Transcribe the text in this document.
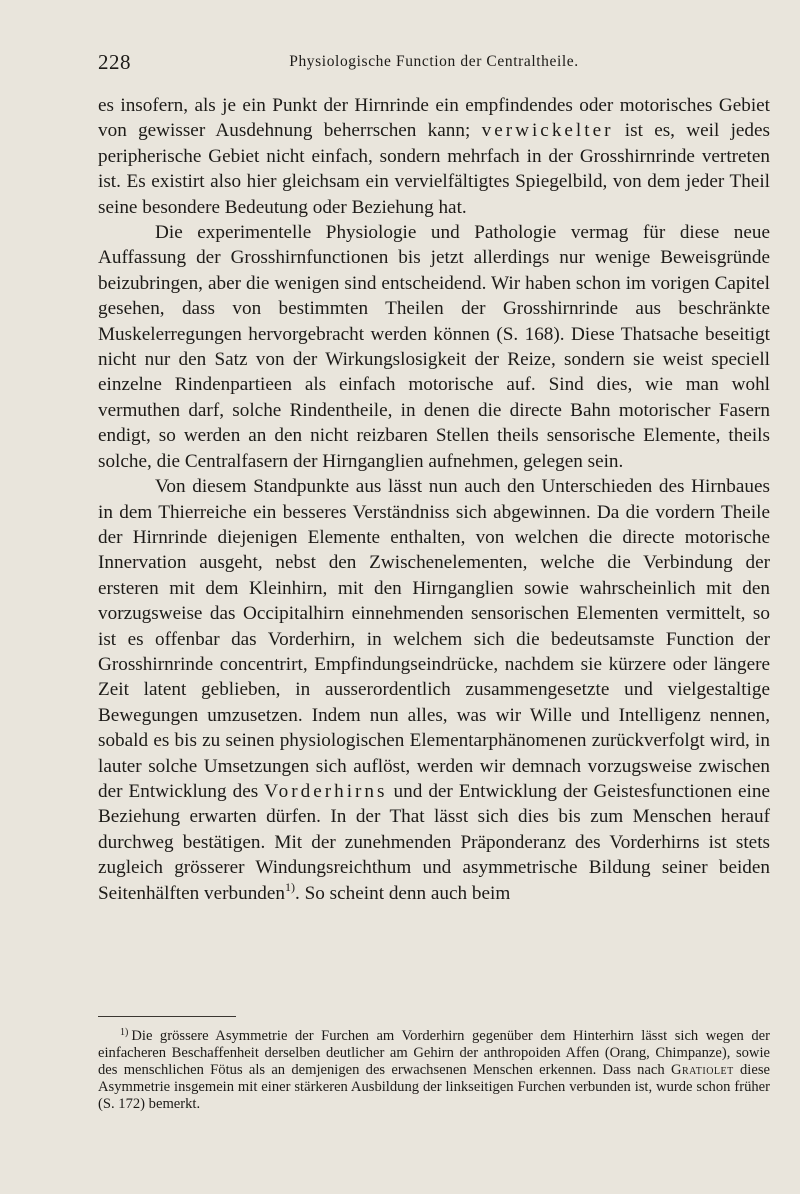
228	Physiologische Function der Centraltheile.

es insofern, als je ein Punkt der Hirnrinde ein empfindendes oder motorisches Gebiet von gewisser Ausdehnung beherrschen kann; verwickelter ist es, weil jedes peripherische Gebiet nicht einfach, sondern mehrfach in der Grosshirnrinde vertreten ist. Es existirt also hier gleichsam ein vervielfältigtes Spiegelbild, von dem jeder Theil seine besondere Bedeutung oder Beziehung hat.

Die experimentelle Physiologie und Pathologie vermag für diese neue Auffassung der Grosshirnfunctionen bis jetzt allerdings nur wenige Beweisgründe beizubringen, aber die wenigen sind entscheidend. Wir haben schon im vorigen Capitel gesehen, dass von bestimmten Theilen der Grosshirnrinde aus beschränkte Muskelerregungen hervorgebracht werden können (S. 168). Diese Thatsache beseitigt nicht nur den Satz von der Wirkungslosigkeit der Reize, sondern sie weist speciell einzelne Rindenpartieen als einfach motorische auf. Sind dies, wie man wohl vermuthen darf, solche Rindentheile, in denen die directe Bahn motorischer Fasern endigt, so werden an den nicht reizbaren Stellen theils sensorische Elemente, theils solche, die Centralfasern der Hirnganglien aufnehmen, gelegen sein.

Von diesem Standpunkte aus lässt nun auch den Unterschieden des Hirnbaues in dem Thierreiche ein besseres Verständniss sich abgewinnen. Da die vordern Theile der Hirnrinde diejenigen Elemente enthalten, von welchen die directe motorische Innervation ausgeht, nebst den Zwischenelementen, welche die Verbindung der ersteren mit dem Kleinhirn, mit den Hirnganglien sowie wahrscheinlich mit den vorzugsweise das Occipitalhirn einnehmenden sensorischen Elementen vermittelt, so ist es offenbar das Vorderhirn, in welchem sich die bedeutsamste Function der Grosshirnrinde concentrirt, Empfindungseindrücke, nachdem sie kürzere oder längere Zeit latent geblieben, in ausserordentlich zusammengesetzte und vielgestaltige Bewegungen umzusetzen. Indem nun alles, was wir Wille und Intelligenz nennen, sobald es bis zu seinen physiologischen Elementarphänomenen zurückverfolgt wird, in lauter solche Umsetzungen sich auflöst, werden wir demnach vorzugsweise zwischen der Entwicklung des Vorderhirns und der Entwicklung der Geistesfunctionen eine Beziehung erwarten dürfen. In der That lässt sich dies bis zum Menschen herauf durchweg bestätigen. Mit der zunehmenden Präponderanz des Vorderhirns ist stets zugleich grösserer Windungsreichthum und asymmetrische Bildung seiner beiden Seitenhälften verbunden$^{1)}$. So scheint denn auch beim

$^{1)}$ Die grössere Asymmetrie der Furchen am Vorderhirn gegenüber dem Hinterhirn lässt sich wegen der einfacheren Beschaffenheit derselben deutlicher am Gehirn der anthropoiden Affen (Orang, Chimpanze), sowie des menschlichen Fötus als an demjenigen des erwachsenen Menschen erkennen. Dass nach Gratiolet diese Asymmetrie insgemein mit einer stärkeren Ausbildung der linkseitigen Furchen verbunden ist, wurde schon früher (S. 172) bemerkt.
